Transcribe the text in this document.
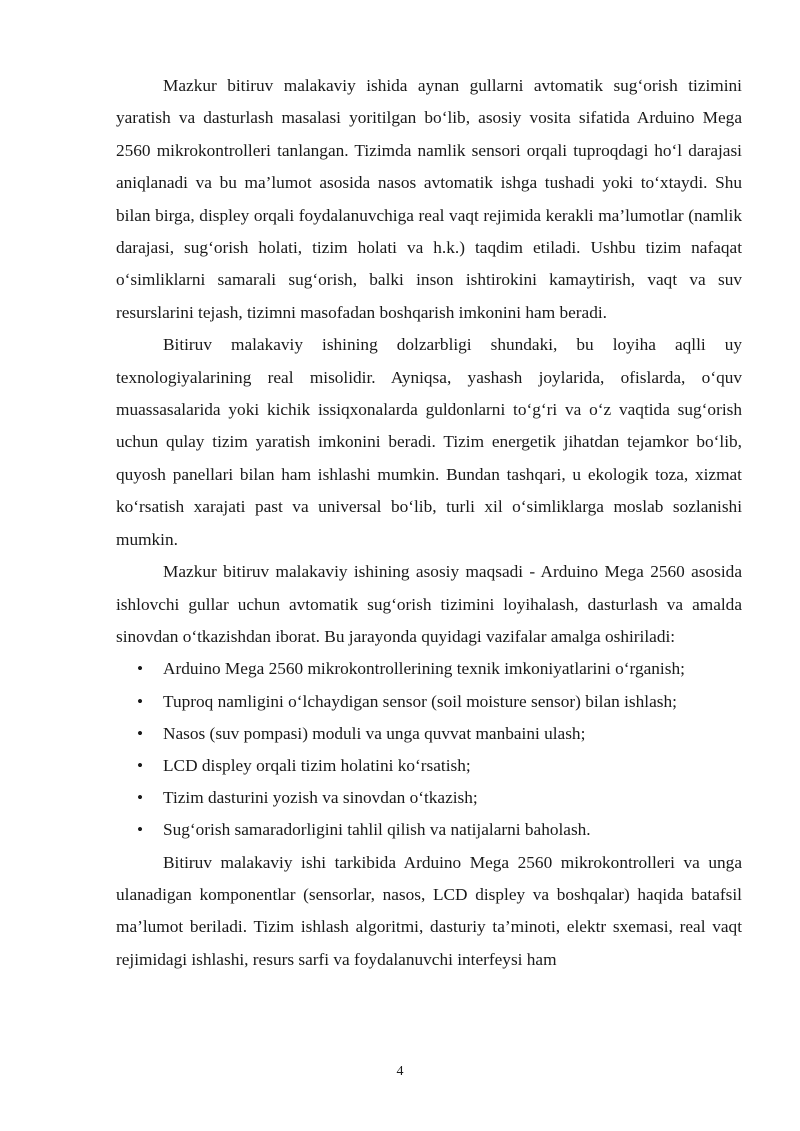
Mazkur bitiruv malakaviy ishida aynan gullarni avtomatik sug‘orish tizimini yaratish va dasturlash masalasi yoritilgan bo‘lib, asosiy vosita sifatida Arduino Mega 2560 mikrokontrolleri tanlangan. Tizimda namlik sensori orqali tuproqdagi ho‘l darajasi aniqlanadi va bu ma’lumot asosida nasos avtomatik ishga tushadi yoki to‘xtaydi. Shu bilan birga, displey orqali foydalanuvchiga real vaqt rejimida kerakli ma’lumotlar (namlik darajasi, sug‘orish holati, tizim holati va h.k.) taqdim etiladi. Ushbu tizim nafaqat o‘simliklarni samarali sug‘orish, balki inson ishtirokini kamaytirish, vaqt va suv resurslarini tejash, tizimni masofadan boshqarish imkonini ham beradi.

Bitiruv malakaviy ishining dolzarbligi shundaki, bu loyiha aqlli uy texnologiyalarining real misolidir. Ayniqsa, yashash joylarida, ofislarda, o‘quv muassasalarida yoki kichik issiqxonalarda guldonlarni to‘g‘ri va o‘z vaqtida sug‘orish uchun qulay tizim yaratish imkonini beradi. Tizim energetik jihatdan tejamkor bo‘lib, quyosh panellari bilan ham ishlashi mumkin. Bundan tashqari, u ekologik toza, xizmat ko‘rsatish xarajati past va universal bo‘lib, turli xil o‘simliklarga moslab sozlanishi mumkin.

Mazkur bitiruv malakaviy ishining asosiy maqsadi - Arduino Mega 2560 asosida ishlovchi gullar uchun avtomatik sug‘orish tizimini loyihalash, dasturlash va amalda sinovdan o‘tkazishdan iborat. Bu jarayonda quyidagi vazifalar amalga oshiriladi:

• Arduino Mega 2560 mikrokontrollerining texnik imkoniyatlarini o‘rganish;
• Tuproq namligini o‘lchaydigan sensor (soil moisture sensor) bilan ishlash;
• Nasos (suv pompasi) moduli va unga quvvat manbaini ulash;
• LCD displey orqali tizim holatini ko‘rsatish;
• Tizim dasturini yozish va sinovdan o‘tkazish;
• Sug‘orish samaradorligini tahlil qilish va natijalarni baholash.

Bitiruv malakaviy ishi tarkibida Arduino Mega 2560 mikrokontrolleri va unga ulanadigan komponentlar (sensorlar, nasos, LCD displey va boshqalar) haqida batafsil ma’lumot beriladi. Tizim ishlash algoritmi, dasturiy ta’minoti, elektr sxemasi, real vaqt rejimidagi ishlashi, resurs sarfi va foydalanuvchi interfeysi ham

4
